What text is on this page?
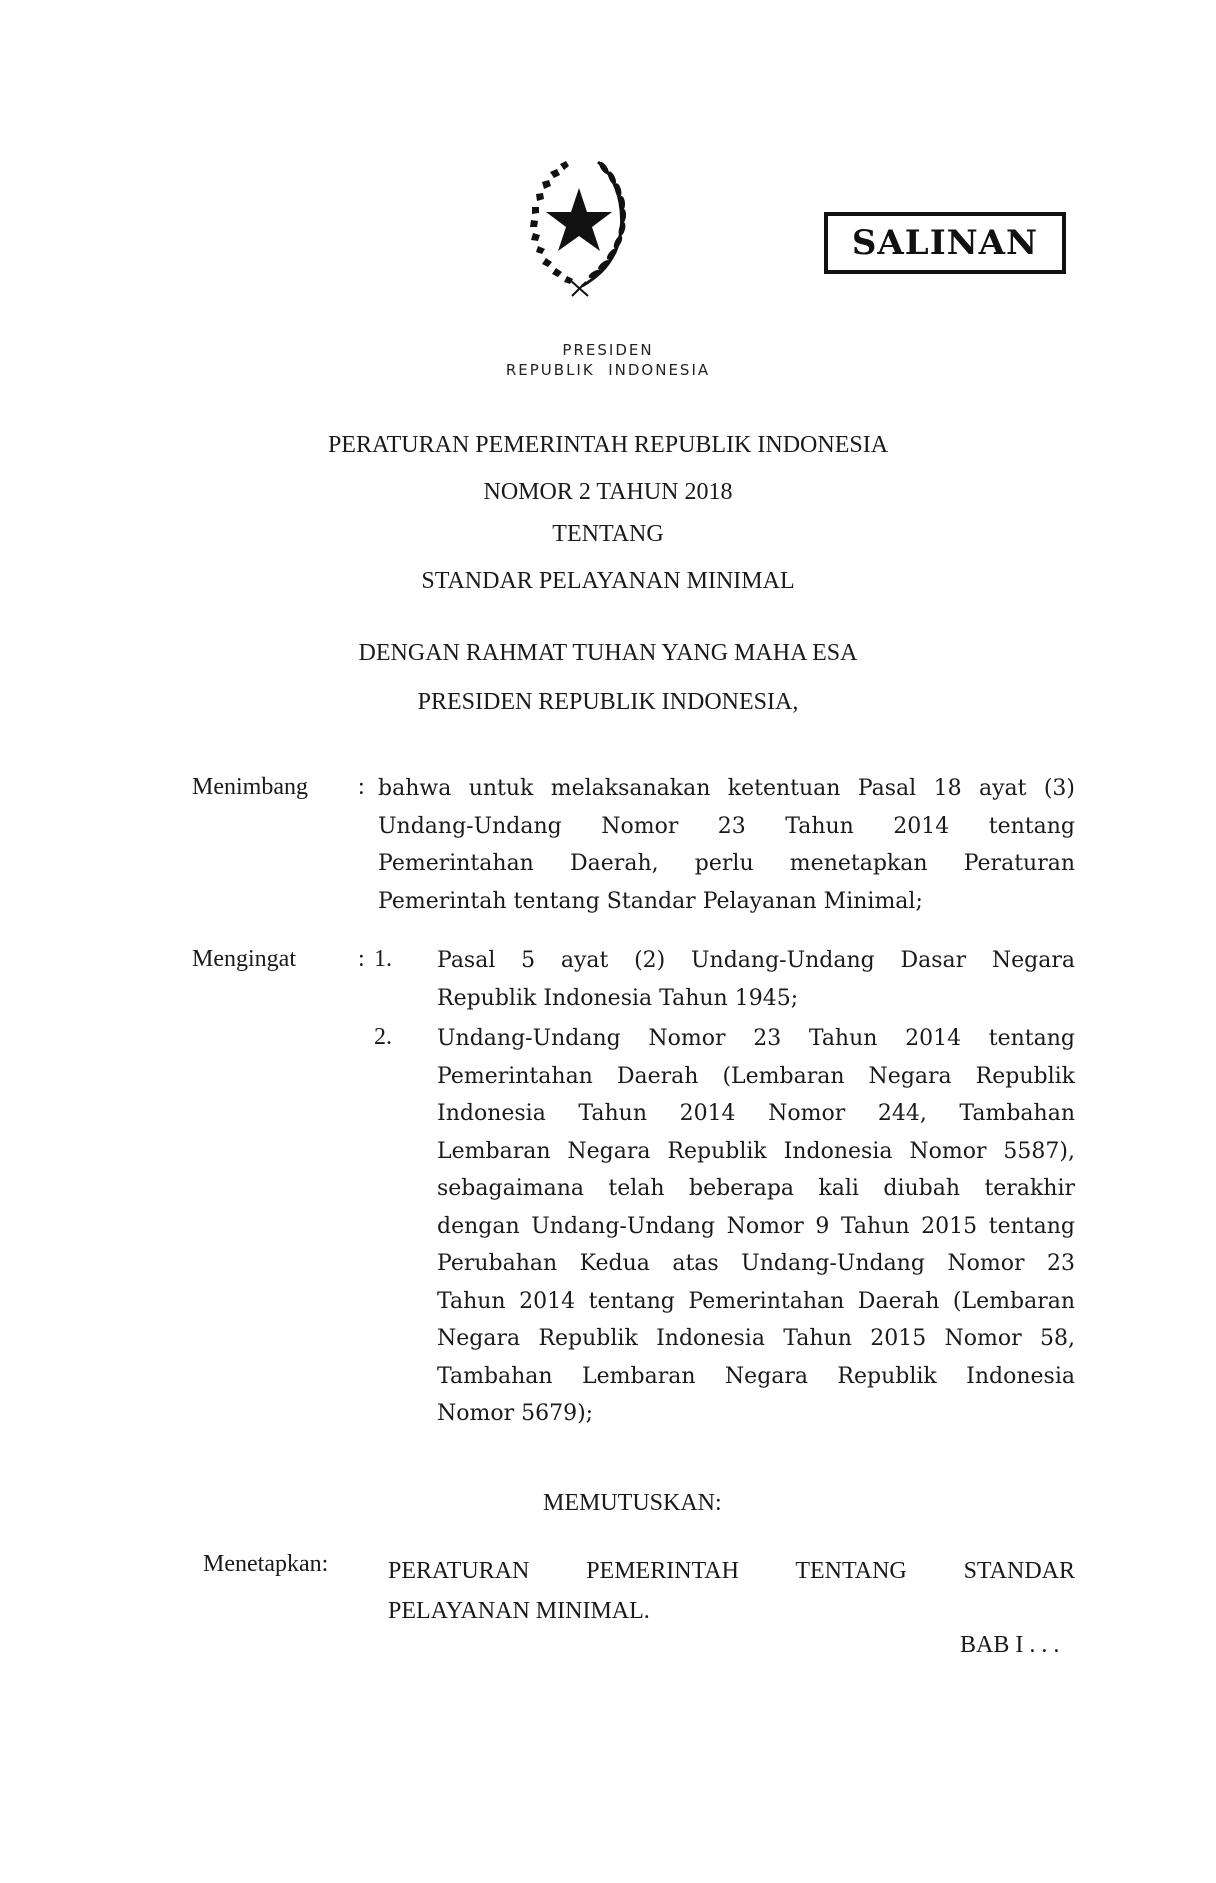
SALINAN
PRESIDEN
REPUBLIK  INDONESIA
PERATURAN PEMERINTAH REPUBLIK INDONESIA
NOMOR 2 TAHUN 2018
TENTANG
STANDAR PELAYANAN MINIMAL
DENGAN RAHMAT TUHAN YANG MAHA ESA
PRESIDEN REPUBLIK INDONESIA,
Menimbang : bahwa untuk melaksanakan ketentuan Pasal 18 ayat (3)
Undang-Undang Nomor 23 Tahun 2014 tentang
Pemerintahan Daerah, perlu menetapkan Peraturan
Pemerintah tentang Standar Pelayanan Minimal;
Mengingat	: 1. Pasal 5 ayat (2) Undang-Undang Dasar Negara
Republik Indonesia Tahun 1945;
2. Undang-Undang Nomor 23 Tahun 2014 tentang
Pemerintahan Daerah (Lembaran Negara Republik
Indonesia Tahun 2014 Nomor 244, Tambahan
Lembaran Negara Republik Indonesia Nomor 5587),
sebagaimana telah beberapa kali diubah terakhir
dengan Undang-Undang Nomor 9 Tahun 2015 tentang
Perubahan Kedua atas Undang-Undang Nomor 23
Tahun 2014 tentang Pemerintahan Daerah (Lembaran
Negara Republik Indonesia Tahun 2015 Nomor 58,
Tambahan Lembaran Negara Republik Indonesia
Nomor 5679);
MEMUTUSKAN:
Menetapkan: PERATURAN PEMERINTAH TENTANG STANDAR
PELAYANAN MINIMAL.
BAB I . . .
